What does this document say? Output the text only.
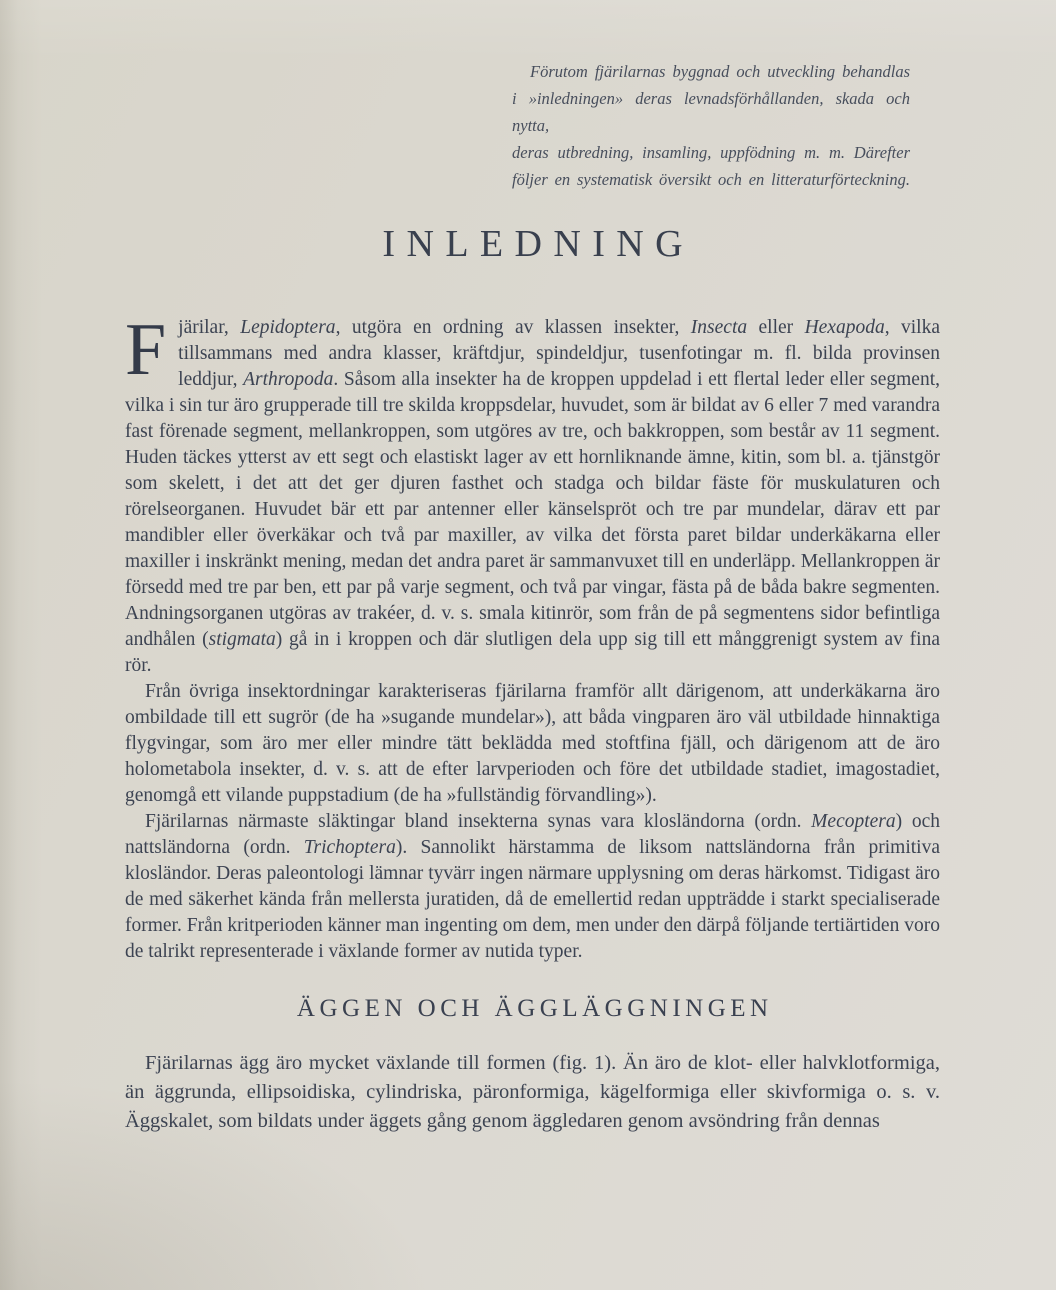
Förutom fjärilarnas byggnad och utveckling behandlas
i »inledningen» deras levnadsförhållanden, skada och nytta,
deras utbredning, insamling, uppfödning m. m. Därefter
följer en systematisk översikt och en litteraturförteckning.
INLEDNING

Fjärilar, Lepidoptera, utgöra en ordning av klassen insekter, Insecta eller Hexapoda, vilka tillsammans med andra klasser, kräftdjur, spindeldjur, tusenfotingar m. fl. bilda provinsen leddjur, Arthropoda. Såsom alla insekter ha de kroppen uppdelad i ett flertal leder eller segment, vilka i sin tur äro grupperade till tre skilda kroppsdelar, huvudet, som är bildat av 6 eller 7 med varandra fast förenade segment, mellankroppen, som utgöres av tre, och bakkroppen, som består av 11 segment. Huden täckes ytterst av ett segt och elastiskt lager av ett hornliknande ämne, kitin, som bl. a. tjänstgör som skelett, i det att det ger djuren fasthet och stadga och bildar fäste för muskulaturen och rörelseorganen. Huvudet bär ett par antenner eller känselspröt och tre par mundelar, därav ett par mandibler eller överkäkar och två par maxiller, av vilka det första paret bildar underkäkarna eller maxiller i inskränkt mening, medan det andra paret är sammanvuxet till en underläpp. Mellankroppen är försedd med tre par ben, ett par på varje segment, och två par vingar, fästa på de båda bakre segmenten. Andningsorganen utgöras av trakéer, d. v. s. smala kitinrör, som från de på segmentens sidor befintliga andhålen (stigmata) gå in i kroppen och där slutligen dela upp sig till ett månggrenigt system av fina rör.

Från övriga insektordningar karakteriseras fjärilarna framför allt därigenom, att underkäkarna äro ombildade till ett sugrör (de ha »sugande mundelar»), att båda vingparen äro väl utbildade hinnaktiga flygvingar, som äro mer eller mindre tätt beklädda med stoftfina fjäll, och därigenom att de äro holometabola insekter, d. v. s. att de efter larvperioden och före det utbildade stadiet, imagostadiet, genomgå ett vilande puppstadium (de ha »fullständig förvandling»).

Fjärilarnas närmaste släktingar bland insekterna synas vara klosländorna (ordn. Mecoptera) och nattsländorna (ordn. Trichoptera). Sannolikt härstamma de liksom nattsländorna från primitiva klosländor. Deras paleontologi lämnar tyvärr ingen närmare upplysning om deras härkomst. Tidigast äro de med säkerhet kända från mellersta juratiden, då de emellertid redan uppträdde i starkt specialiserade former. Från kritperioden känner man ingenting om dem, men under den därpå följande tertiärtiden voro de talrikt representerade i växlande former av nutida typer.

ÄGGEN OCH ÄGGLÄGGNINGEN

Fjärilarnas ägg äro mycket växlande till formen (fig. 1). Än äro de klot- eller halvklotformiga, än äggrunda, ellipsoidiska, cylindriska, päronformiga, kägelformiga eller skivformiga o. s. v. Äggskalet, som bildats under äggets gång genom äggledaren genom avsöndring från dennas
